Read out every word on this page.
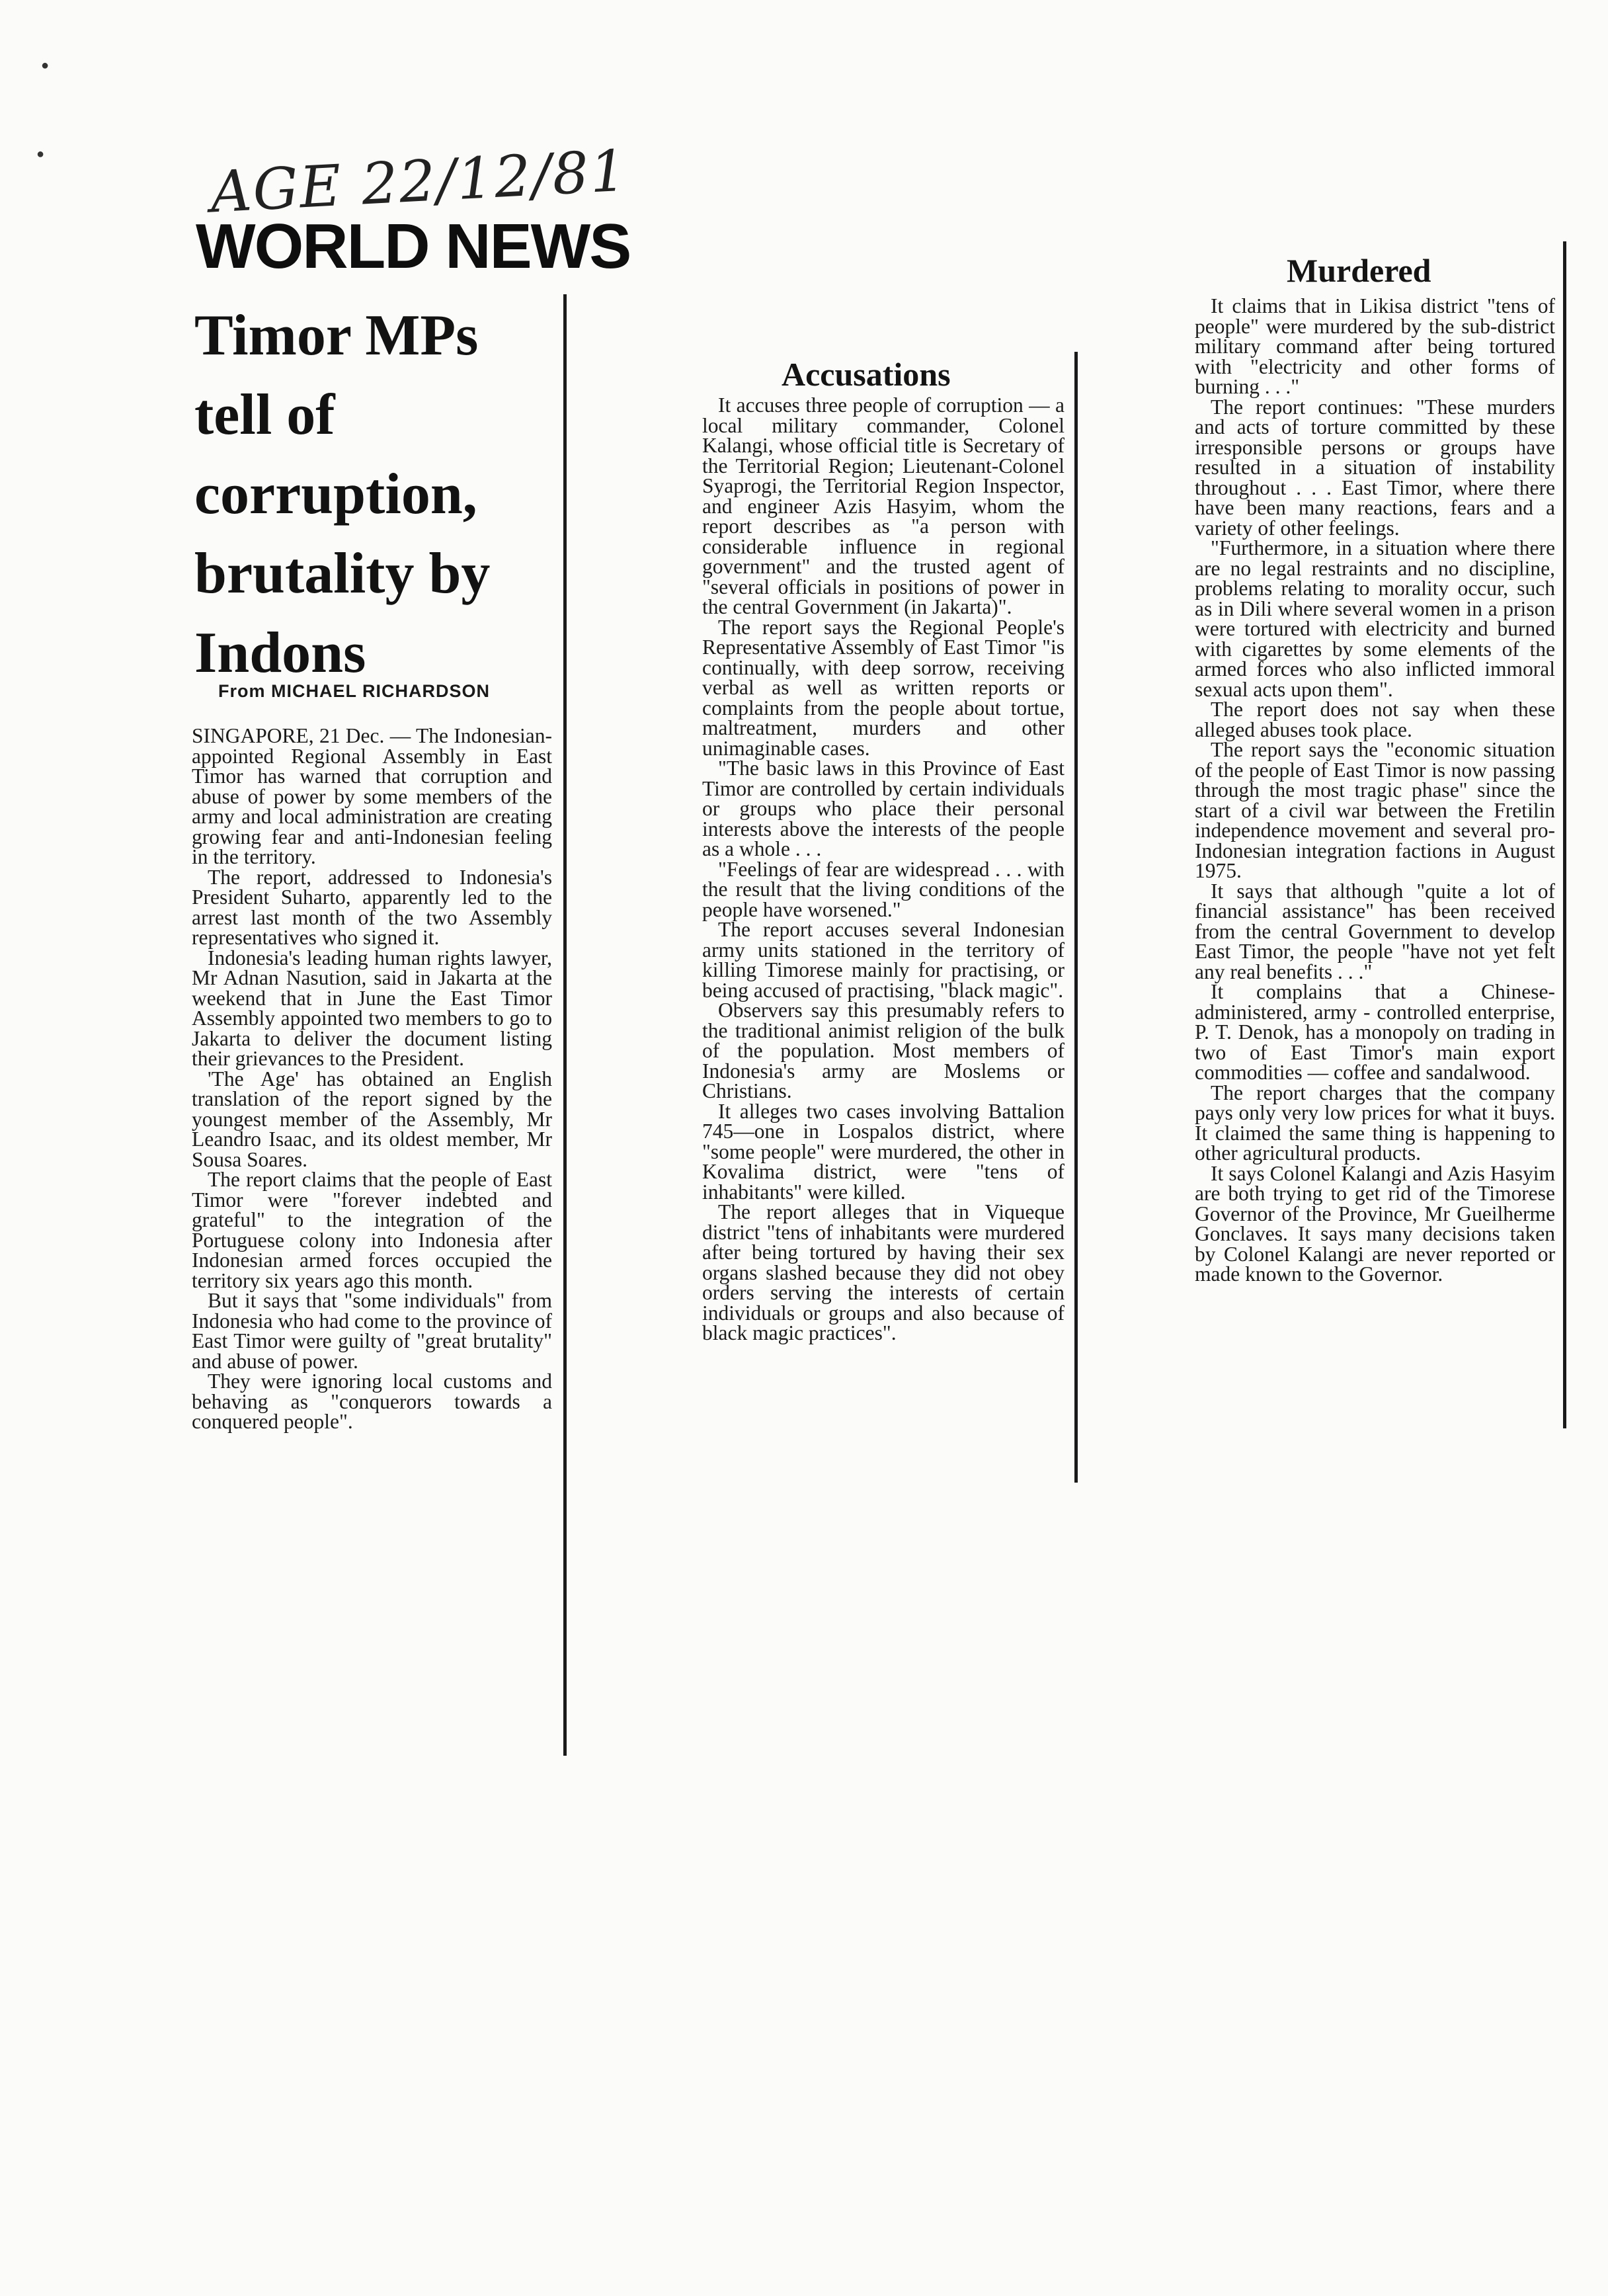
●
●	AGE 22/12/81
WORLD NEWS
Timor MPs tell of corruption, brutality by Indons
From MICHAEL RICHARDSON

SINGAPORE, 21 Dec. — The Indonesian-appointed Regional Assembly in East Timor has warned that corruption and abuse of power by some members of the army and local administration are creating growing fear and anti-Indonesian feeling in the territory.

The report, addressed to Indonesia's President Suharto, apparently led to the arrest last month of the two Assembly representatives who signed it.

Indonesia's leading human rights lawyer, Mr Adnan Nasution, said in Jakarta at the weekend that in June the East Timor Assembly appointed two members to go to Jakarta to deliver the document listing their grievances to the President.

'The Age' has obtained an English translation of the report signed by the youngest member of the Assembly, Mr Leandro Isaac, and its oldest member, Mr Sousa Soares.

The report claims that the people of East Timor were "forever indebted and grateful" to the integration of the Portuguese colony into Indonesia after Indonesian armed forces occupied the territory six years ago this month.

But it says that "some individuals" from Indonesia who had come to the province of East Timor were guilty of "great brutality" and abuse of power.

They were ignoring local customs and behaving as "conquerors towards a conquered people".

Accusations

It accuses three people of corruption — a local military commander, Colonel Kalangi, whose official title is Secretary of the Territorial Region; Lieutenant-Colonel Syaprogi, the Territorial Region Inspector, and engineer Azis Hasyim, whom the report describes as "a person with considerable influence in regional government" and the trusted agent of "several officials in positions of power in the central Government (in Jakarta)".

The report says the Regional People's Representative Assembly of East Timor "is continually, with deep sorrow, receiving verbal as well as written reports or complaints from the people about tortue, maltreatment, murders and other unimaginable cases.

"The basic laws in this Province of East Timor are controlled by certain individuals or groups who place their personal interests above the interests of the people as a whole . . .

"Feelings of fear are widespread . . . with the result that the living conditions of the people have worsened."

The report accuses several Indonesian army units stationed in the territory of killing Timorese mainly for practising, or being accused of practising, "black magic".

Observers say this presumably refers to the traditional animist religion of the bulk of the population. Most members of Indonesia's army are Moslems or Christians.

It alleges two cases involving Battalion 745—one in Lospalos district, where "some people" were murdered, the other in Kovalima district, were "tens of inhabitants" were killed.

The report alleges that in Viqueque district "tens of inhabitants were murdered after being tortured by having their sex organs slashed because they did not obey orders serving the interests of certain individuals or groups and also because of black magic practices".

Murdered

It claims that in Likisa district "tens of people" were murdered by the sub-district military command after being tortured with "electricity and other forms of burning . . ."

The report continues: "These murders and acts of torture committed by these irresponsible persons or groups have resulted in a situation of instability throughout . . . East Timor, where there have been many reactions, fears and a variety of other feelings.

"Furthermore, in a situation where there are no legal restraints and no discipline, problems relating to morality occur, such as in Dili where several women in a prison were tortured with electricity and burned with cigarettes by some elements of the armed forces who also inflicted immoral sexual acts upon them".

The report does not say when these alleged abuses took place.

The report says the "economic situation of the people of East Timor is now passing through the most tragic phase" since the start of a civil war between the Fretilin independence movement and several pro-Indonesian integration factions in August 1975.

It says that although "quite a lot of financial assistance" has been received from the central Government to develop East Timor, the people "have not yet felt any real benefits . . ."

It complains that a Chinese-administered, army - controlled enterprise, P. T. Denok, has a monopoly on trading in two of East Timor's main export commodities — coffee and sandalwood.

The report charges that the company pays only very low prices for what it buys. It claimed the same thing is happening to other agricultural products.

It says Colonel Kalangi and Azis Hasyim are both trying to get rid of the Timorese Governor of the Province, Mr Gueilherme Gonclaves. It says many decisions taken by Colonel Kalangi are never reported or made known to the Governor.
